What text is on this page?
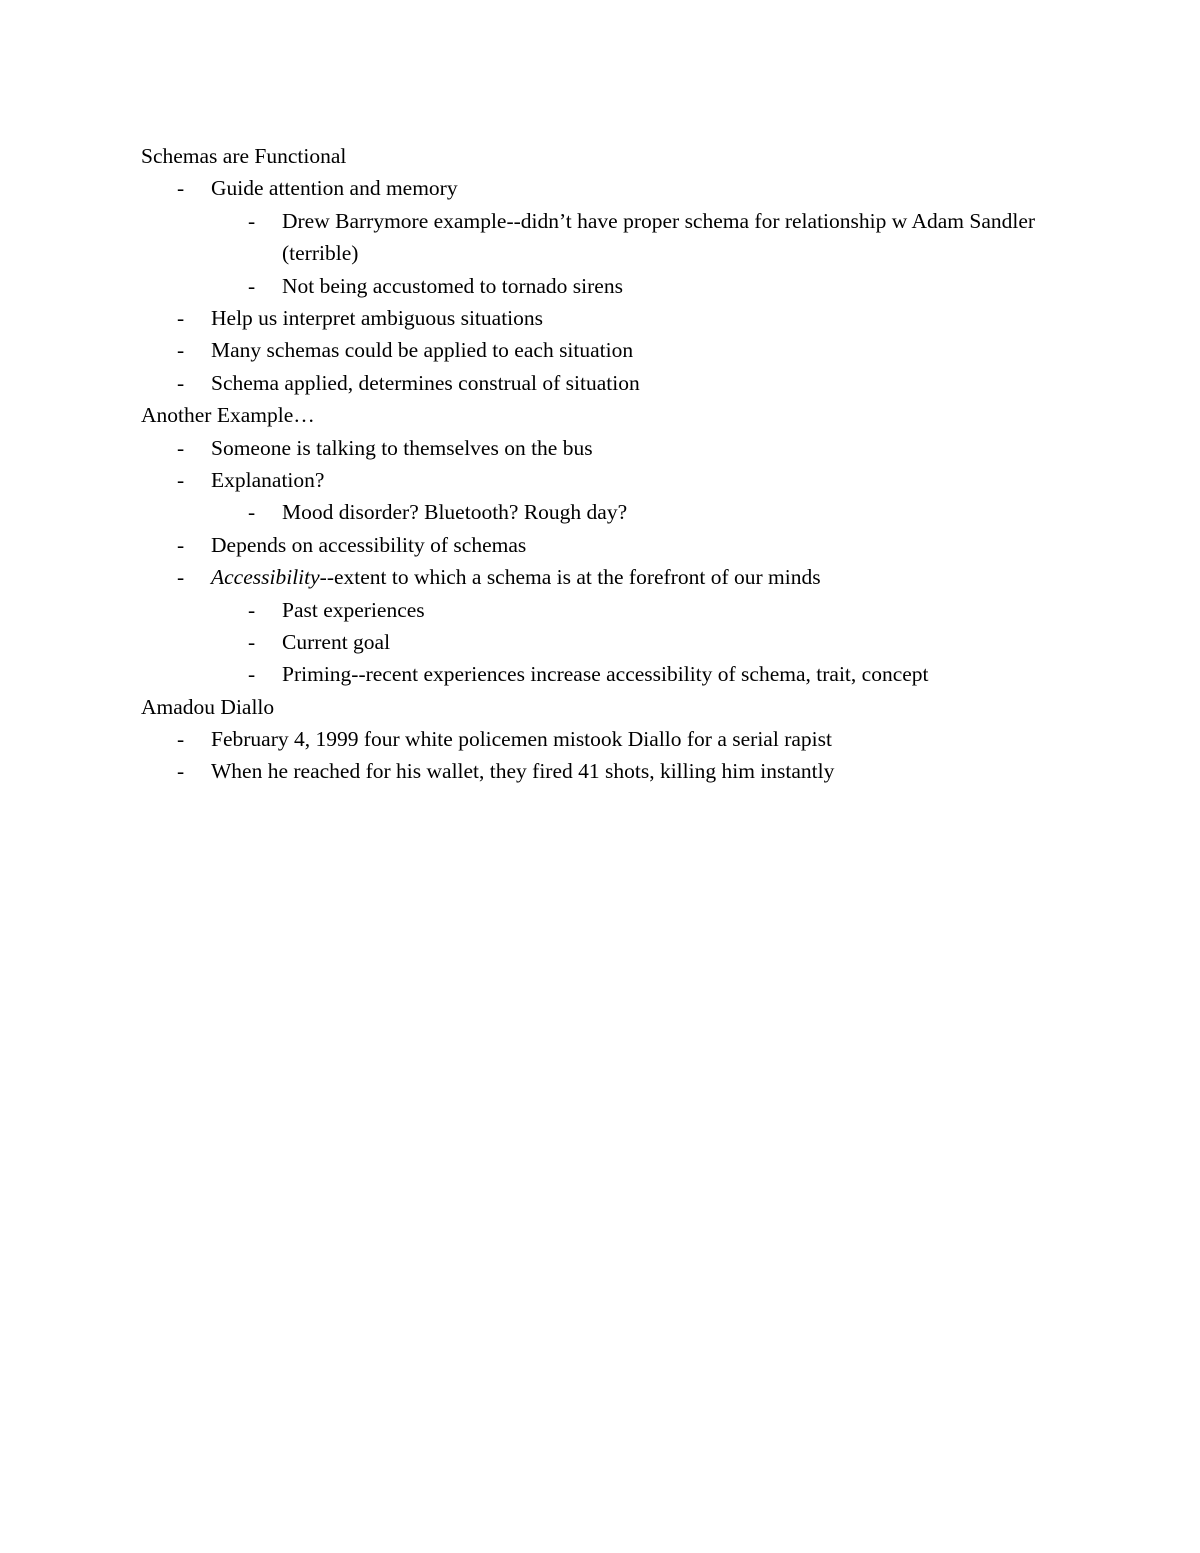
Schemas are Functional
- Guide attention and memory
- Drew Barrymore example--didn’t have proper schema for relationship w Adam Sandler (terrible)
- Not being accustomed to tornado sirens
- Help us interpret ambiguous situations
- Many schemas could be applied to each situation
- Schema applied, determines construal of situation
Another Example…
- Someone is talking to themselves on the bus
- Explanation?
- Mood disorder? Bluetooth? Rough day?
- Depends on accessibility of schemas
- Accessibility--extent to which a schema is at the forefront of our minds
- Past experiences
- Current goal
- Priming--recent experiences increase accessibility of schema, trait, concept
Amadou Diallo
- February 4, 1999 four white policemen mistook Diallo for a serial rapist
- When he reached for his wallet, they fired 41 shots, killing him instantly
